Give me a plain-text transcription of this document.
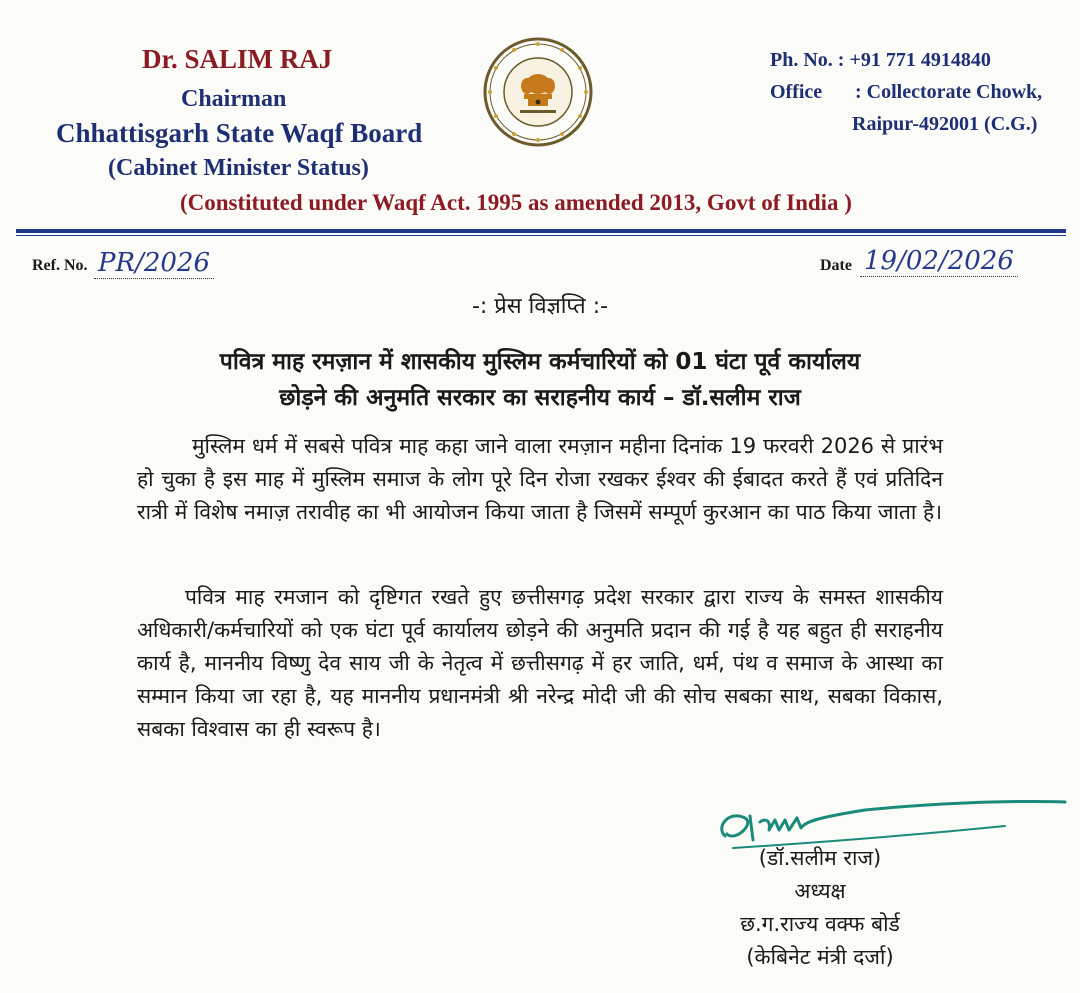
Dr. SALIM RAJ
Chairman
Chhattisgarh State Waqf Board
(Cabinet Minister Status)
(Constituted under Waqf Act. 1995 as amended 2013, Govt of India )
Ph. No. : +91 771 4914840
Office : Collectorate Chowk,
Raipur-492001 (C.G.)
Ref. No. PR/2026	Date 19/02/2026
-: प्रेस विज्ञप्ति :-
पवित्र माह रमज़ान में शासकीय मुस्लिम कर्मचारियों को 01 घंटा पूर्व कार्यालय
छोड़ने की अनुमति सरकार का सराहनीय कार्य – डॉ.सलीम राज
मुस्लिम धर्म में सबसे पवित्र माह कहा जाने वाला रमज़ान महीना दिनांक 19 फरवरी 2026 से प्रारंभ हो चुका है इस माह में मुस्लिम समाज के लोग पूरे दिन रोजा रखकर ईश्वर की ईबादत करते हैं एवं प्रतिदिन रात्री में विशेष नमाज़ तरावीह का भी आयोजन किया जाता है जिसमें सम्पूर्ण कुरआन का पाठ किया जाता है।
पवित्र माह रमजान को दृष्टिगत रखते हुए छत्तीसगढ़ प्रदेश सरकार द्वारा राज्य के समस्त शासकीय अधिकारी/कर्मचारियों को एक घंटा पूर्व कार्यालय छोड़ने की अनुमति प्रदान की गई है यह बहुत ही सराहनीय कार्य है, माननीय विष्णु देव साय जी के नेतृत्व में छत्तीसगढ़ में हर जाति, धर्म, पंथ व समाज के आस्था का सम्मान किया जा रहा है, यह माननीय प्रधानमंत्री श्री नरेन्द्र मोदी जी की सोच सबका साथ, सबका विकास, सबका विश्वास का ही स्वरूप है।
(डॉ.सलीम राज)
अध्यक्ष
छ.ग.राज्य वक्फ बोर्ड
(केबिनेट मंत्री दर्जा)
